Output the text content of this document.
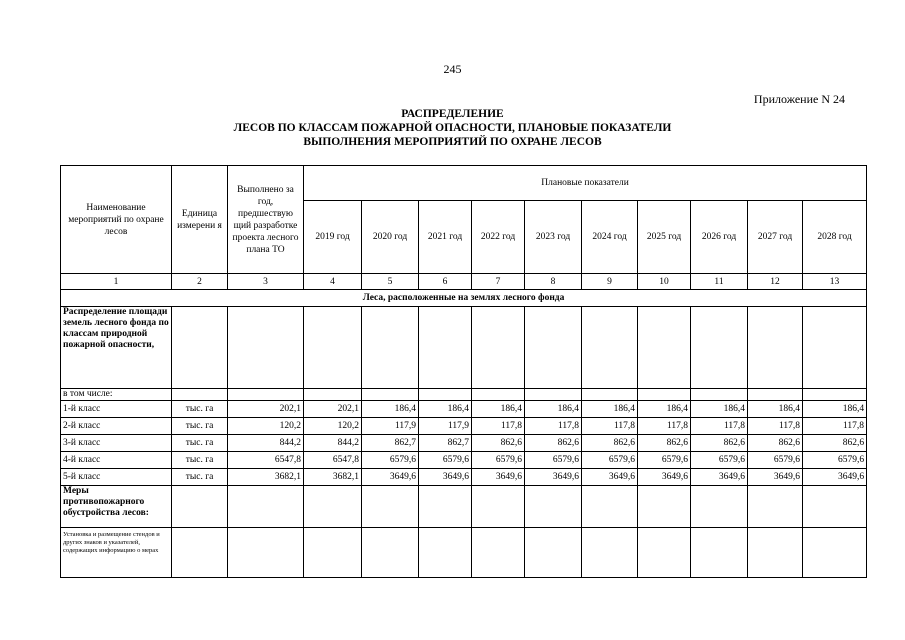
245
Приложение N 24
РАСПРЕДЕЛЕНИЕ
ЛЕСОВ ПО КЛАССАМ ПОЖАРНОЙ ОПАСНОСТИ, ПЛАНОВЫЕ ПОКАЗАТЕЛИ
ВЫПОЛНЕНИЯ МЕРОПРИЯТИЙ ПО ОХРАНЕ ЛЕСОВ
Наименование мероприятий по охране лесов	Единица измерени я	Выполнено за год, предшествую щий разработке проекта лесного плана ТО	Плановые показатели									
			2019 год	2020 год	2021 год	2022 год	2023 год	2024 год	2025 год	2026 год	2027 год	2028 год
1	2	3	4	5	6	7	8	9	10	11	12	13
Леса, расположенные на землях лесного фонда												
Распределение площади земель лесного фонда по классам природной пожарной опасности,												
в том числе:												
1-й класс	тыс. га	202,1	202,1	186,4	186,4	186,4	186,4	186,4	186,4	186,4	186,4	186,4
2-й класс	тыс. га	120,2	120,2	117,9	117,9	117,8	117,8	117,8	117,8	117,8	117,8	117,8
3-й класс	тыс. га	844,2	844,2	862,7	862,7	862,6	862,6	862,6	862,6	862,6	862,6	862,6
4-й класс	тыс. га	6547,8	6547,8	6579,6	6579,6	6579,6	6579,6	6579,6	6579,6	6579,6	6579,6	6579,6
5-й класс	тыс. га	3682,1	3682,1	3649,6	3649,6	3649,6	3649,6	3649,6	3649,6	3649,6	3649,6	3649,6
Меры противопожарного обустройства лесов:												
Установка и размещение стендов и других знаков и указателей, содержащих информацию о мерах												
